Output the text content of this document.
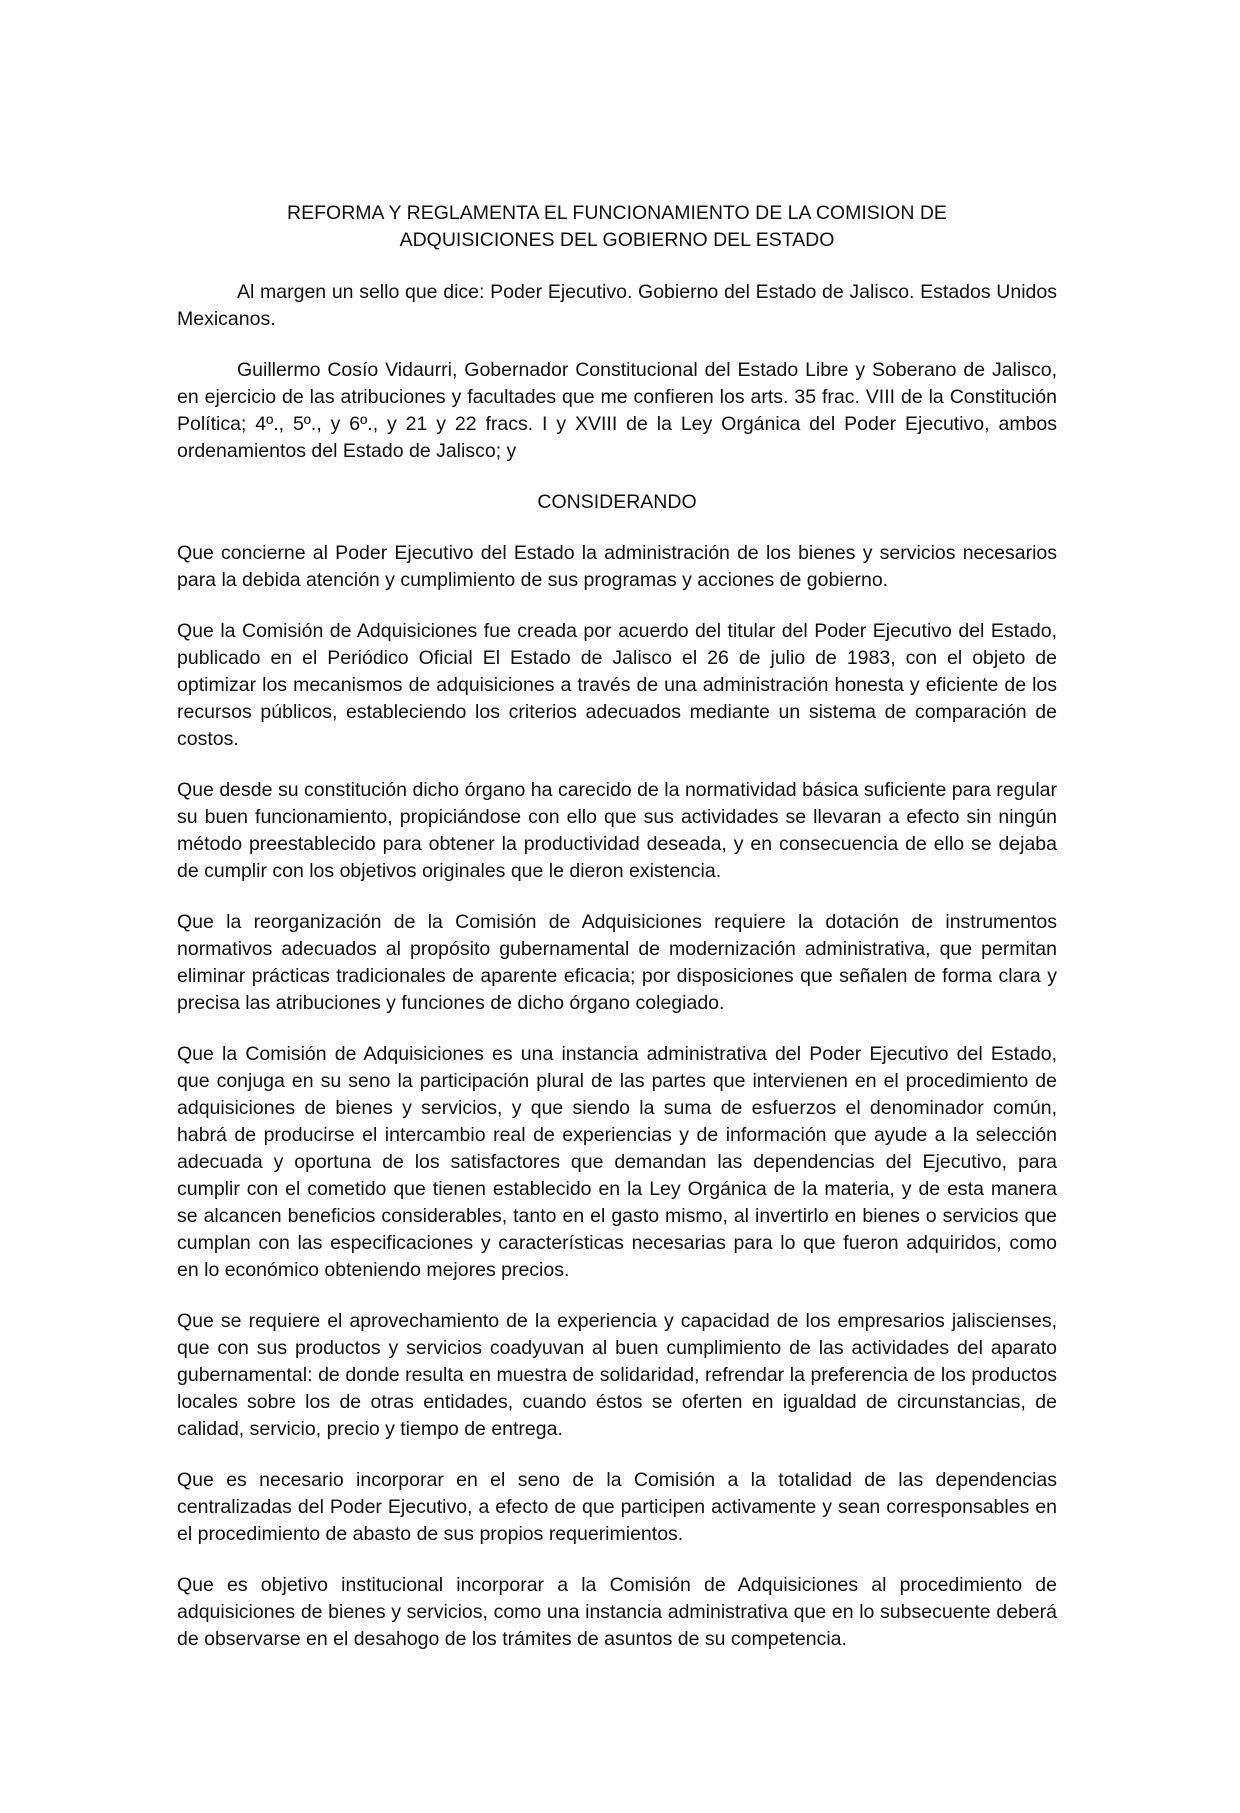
REFORMA Y REGLAMENTA EL FUNCIONAMIENTO DE LA COMISION DE
ADQUISICIONES DEL GOBIERNO DEL ESTADO

Al margen un sello que dice: Poder Ejecutivo. Gobierno del Estado de Jalisco. Estados Unidos Mexicanos.

Guillermo Cosío Vidaurri, Gobernador Constitucional del Estado Libre y Soberano de Jalisco, en ejercicio de las atribuciones y facultades que me confieren los arts. 35 frac. VIII de la Constitución Política; 4º., 5º., y 6º., y 21 y 22 fracs. I y XVIII de la Ley Orgánica del Poder Ejecutivo, ambos ordenamientos del Estado de Jalisco; y

CONSIDERANDO

Que concierne al Poder Ejecutivo del Estado la administración de los bienes y servicios necesarios para la debida atención y cumplimiento de sus programas y acciones de gobierno.

Que la Comisión de Adquisiciones fue creada por acuerdo del titular del Poder Ejecutivo del Estado, publicado en el Periódico Oficial El Estado de Jalisco el 26 de julio de 1983, con el objeto de optimizar los mecanismos de adquisiciones a través de una administración honesta y eficiente de los recursos públicos, estableciendo los criterios adecuados mediante un sistema de comparación de costos.

Que desde su constitución dicho órgano ha carecido de la normatividad básica suficiente para regular su buen funcionamiento, propiciándose con ello que sus actividades se llevaran a efecto sin ningún método preestablecido para obtener la productividad deseada, y en consecuencia de ello se dejaba de cumplir con los objetivos originales que le dieron existencia.

Que la reorganización de la Comisión de Adquisiciones requiere la dotación de instrumentos normativos adecuados al propósito gubernamental de modernización administrativa, que permitan eliminar prácticas tradicionales de aparente eficacia; por disposiciones que señalen de forma clara y precisa las atribuciones y funciones de dicho órgano colegiado.

Que la Comisión de Adquisiciones es una instancia administrativa del Poder Ejecutivo del Estado, que conjuga en su seno la participación plural de las partes que intervienen en el procedimiento de adquisiciones de bienes y servicios, y que siendo la suma de esfuerzos el denominador común, habrá de producirse el intercambio real de experiencias y de información que ayude a la selección adecuada y oportuna de los satisfactores que demandan las dependencias del Ejecutivo, para cumplir con el cometido que tienen establecido en la Ley Orgánica de la materia, y de esta manera se alcancen beneficios considerables, tanto en el gasto mismo, al invertirlo en bienes o servicios que cumplan con las especificaciones y características necesarias para lo que fueron adquiridos, como en lo económico obteniendo mejores precios.

Que se requiere el aprovechamiento de la experiencia y capacidad de los empresarios jaliscienses, que con sus productos y servicios coadyuvan al buen cumplimiento de las actividades del aparato gubernamental: de donde resulta en muestra de solidaridad, refrendar la preferencia de los productos locales sobre los de otras entidades, cuando éstos se oferten en igualdad de circunstancias, de calidad, servicio, precio y tiempo de entrega.

Que es necesario incorporar en el seno de la Comisión a la totalidad de las dependencias centralizadas del Poder Ejecutivo, a efecto de que participen activamente y sean corresponsables en el procedimiento de abasto de sus propios requerimientos.

Que es objetivo institucional incorporar a la Comisión de Adquisiciones al procedimiento de adquisiciones de bienes y servicios, como una instancia administrativa que en lo subsecuente deberá de observarse en el desahogo de los trámites de asuntos de su competencia.
